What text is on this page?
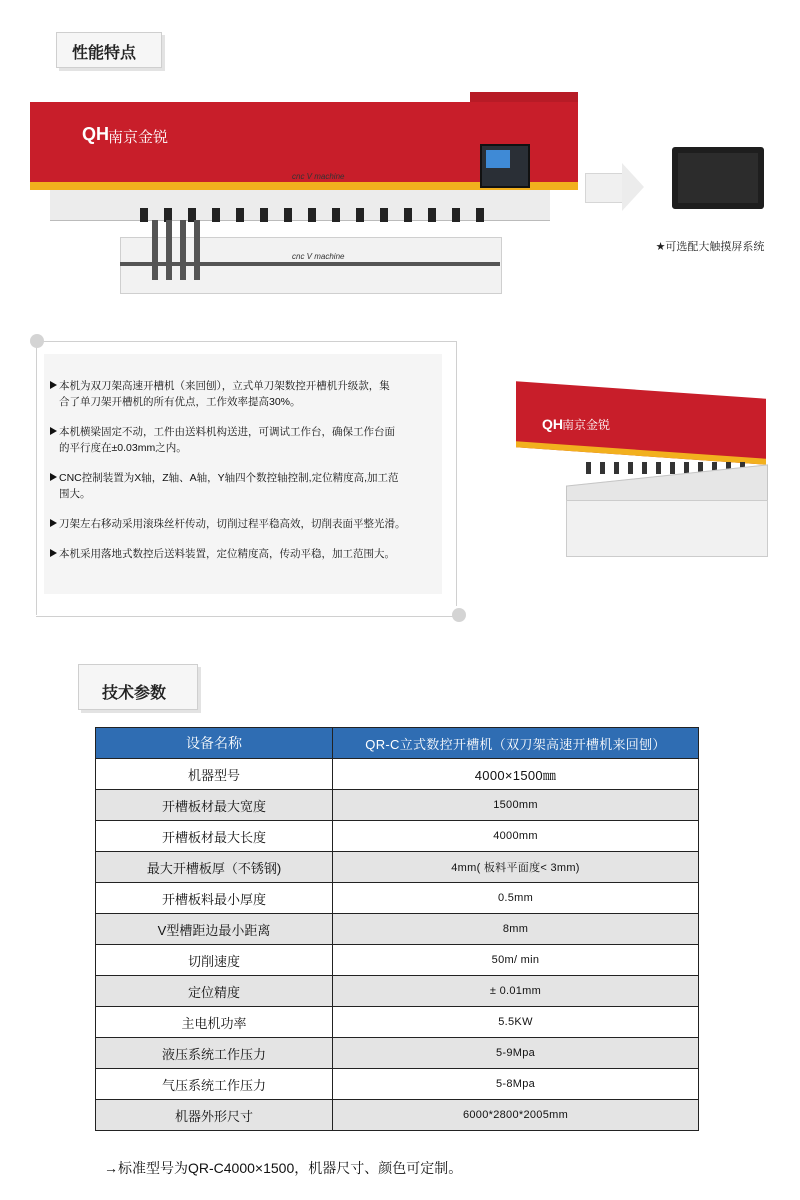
性能特点
QH 南京金锐
cnc V machine
cnc V machine
★可选配大触摸屏系统
本机为双刀架高速开槽机（来回刨），立式单刀架数控开槽机升级款，集
合了单刀架开槽机的所有优点，工作效率提高30%。
本机横梁固定不动，工件由送料机构送进，可调试工作台，确保工作台面
的平行度在±0.03mm之内。
CNC控制装置为X轴，Z轴、A轴，Y轴四个数控轴控制,定位精度高,加工范
围大。
刀架左右移动采用滚珠丝杆传动，切削过程平稳高效，切削表面平整光滑。
本机采用落地式数控后送料装置，定位精度高，传动平稳，加工范围大。
QH 南京金锐
技术参数
设备名称	QR-C立式数控开槽机（双刀架高速开槽机来回刨）
机器型号	4000×1500㎜
开槽板材最大宽度	1500mm
开槽板材最大长度	4000mm
最大开槽板厚（不锈钢)	4mm( 板料平面度< 3mm)
开槽板料最小厚度	0.5mm
V型槽距边最小距离	8mm
切削速度	50m/ min
定位精度	± 0.01mm
主电机功率	5.5KW
液压系统工作压力	5-9Mpa
气压系统工作压力	5-8Mpa
机器外形尺寸	6000*2800*2005mm
→标准型号为QR-C4000×1500，机器尺寸、颜色可定制。
